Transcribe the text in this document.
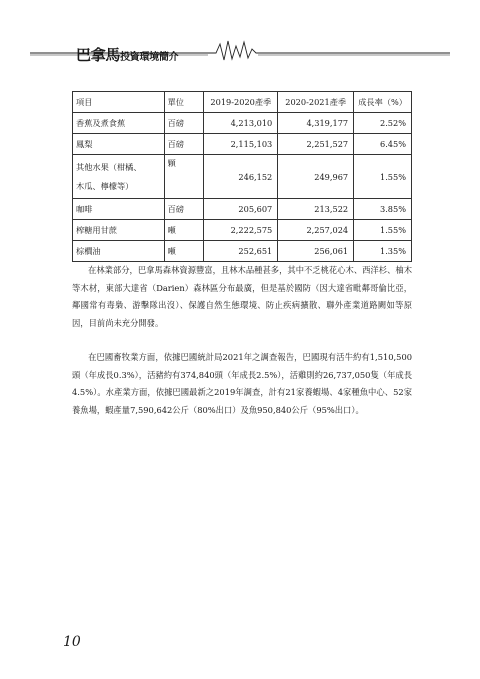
巴拿馬投資環境簡介
項目	單位	2019-2020產季	2020-2021產季	成長率（%）
香蕉及煮食蕉	百磅	4,213,010	4,319,177	2.52%
鳳梨	百磅	2,115,103	2,251,527	6.45%
其他水果（柑橘、
木瓜、檸檬等）	顆	246,152	249,967	1.55%
咖啡	百磅	205,607	213,522	3.85%
榨糖用甘蔗	噸	2,222,575	2,257,024	1.55%
棕櫚油	噸	252,651	256,061	1.35%

在林業部分，巴拿馬森林資源豐富，且林木品種甚多，其中不乏桃花心木、西洋杉、柚木等木材，東部大達省（Darien）森林區分布最廣，但是基於國防（因大達省毗鄰哥倫比亞，鄰國常有毒梟、游擊隊出沒）、保護自然生態環境、防止疾病擴散、聯外產業道路闕如等原因，目前尚未充分開發。

在巴國畜牧業方面，依據巴國統計局2021年之調查報告，巴國現有活牛約有1,510,500頭（年成長0.3%），活豬約有374,840頭（年成長2.5%），活雞則約26,737,050隻（年成長4.5%）。水產業方面，依據巴國最新之2019年調查，計有21家養蝦場、4家種魚中心、52家養魚場，蝦產量7,590,642公斤（80%出口）及魚950,840公斤（95%出口）。

10
